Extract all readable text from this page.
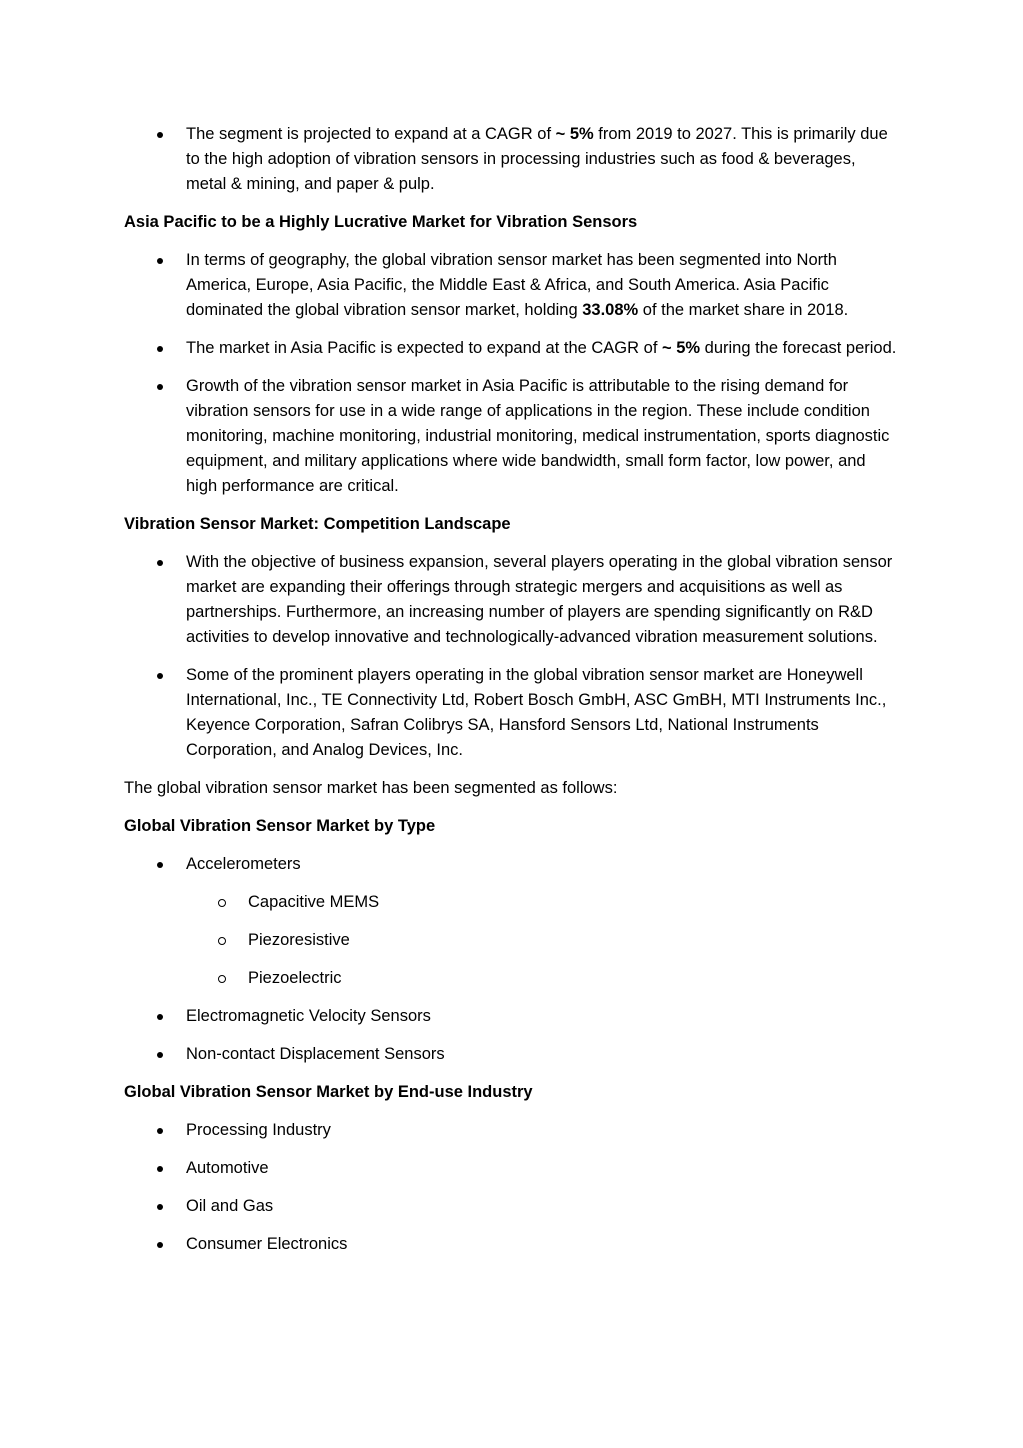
The segment is projected to expand at a CAGR of ~ 5% from 2019 to 2027. This is primarily due to the high adoption of vibration sensors in processing industries such as food & beverages, metal & mining, and paper & pulp.

Asia Pacific to be a Highly Lucrative Market for Vibration Sensors

In terms of geography, the global vibration sensor market has been segmented into North America, Europe, Asia Pacific, the Middle East & Africa, and South America. Asia Pacific dominated the global vibration sensor market, holding 33.08% of the market share in 2018.
The market in Asia Pacific is expected to expand at the CAGR of ~ 5% during the forecast period.
Growth of the vibration sensor market in Asia Pacific is attributable to the rising demand for vibration sensors for use in a wide range of applications in the region. These include condition monitoring, machine monitoring, industrial monitoring, medical instrumentation, sports diagnostic equipment, and military applications where wide bandwidth, small form factor, low power, and high performance are critical.

Vibration Sensor Market: Competition Landscape

With the objective of business expansion, several players operating in the global vibration sensor market are expanding their offerings through strategic mergers and acquisitions as well as partnerships. Furthermore, an increasing number of players are spending significantly on R&D activities to develop innovative and technologically-advanced vibration measurement solutions.
Some of the prominent players operating in the global vibration sensor market are Honeywell International, Inc., TE Connectivity Ltd, Robert Bosch GmbH, ASC GmBH, MTI Instruments Inc., Keyence Corporation, Safran Colibrys SA, Hansford Sensors Ltd, National Instruments Corporation, and Analog Devices, Inc.

The global vibration sensor market has been segmented as follows:

Global Vibration Sensor Market by Type

Accelerometers
Capacitive MEMS
Piezoresistive
Piezoelectric
Electromagnetic Velocity Sensors
Non-contact Displacement Sensors

Global Vibration Sensor Market by End-use Industry

Processing Industry
Automotive
Oil and Gas
Consumer Electronics
